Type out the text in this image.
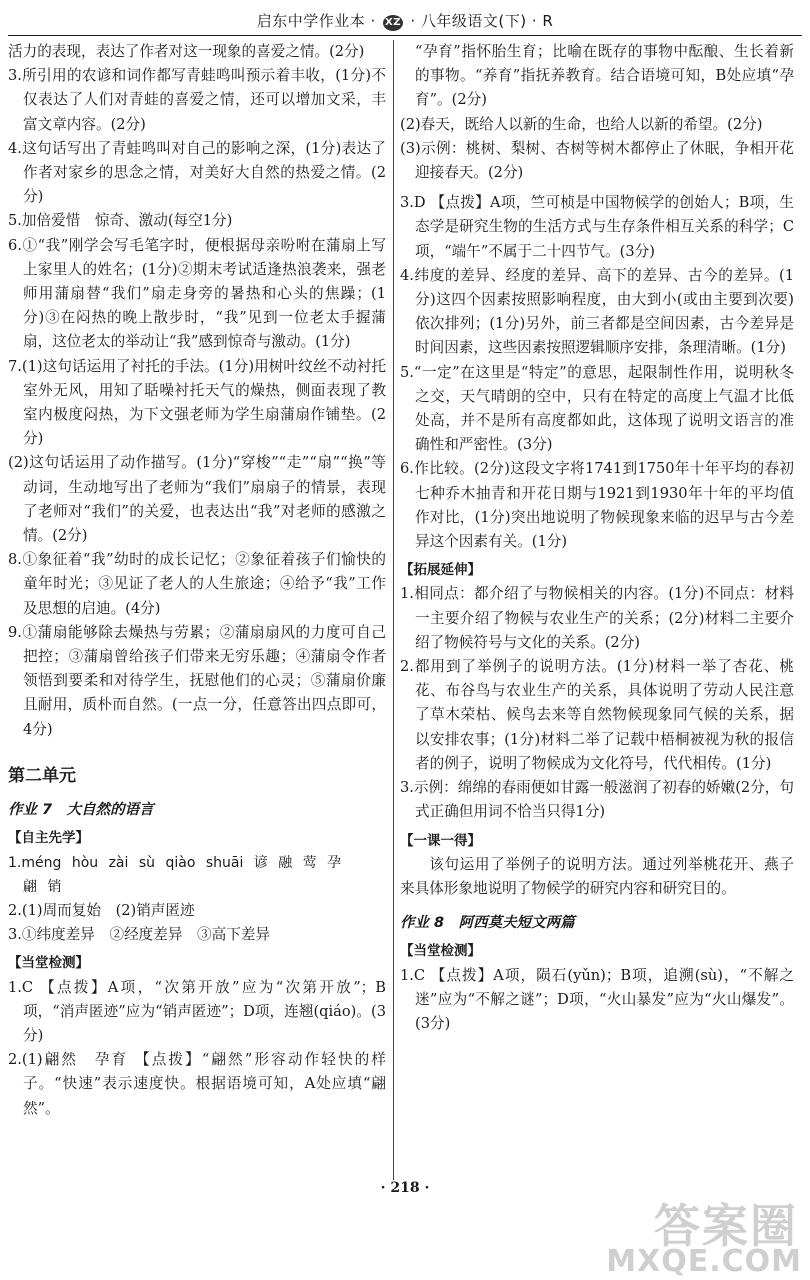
启东中学作业本 · XZ · 八年级语文(下) · R

活力的表现，表达了作者对这一现象的喜爱之情。(2分)

3.所引用的农谚和词作都写青蛙鸣叫预示着丰收，(1分)不仅表达了人们对青蛙的喜爱之情，还可以增加文采，丰富文章内容。(2分)

4.这句话写出了青蛙鸣叫对自己的影响之深，(1分)表达了作者对家乡的思念之情，对美好大自然的热爱之情。(2分)

5.加倍爱惜　惊奇、激动(每空1分)

6.①“我”刚学会写毛笔字时，便根据母亲吩咐在蒲扇上写上家里人的姓名；(1分)②期末考试适逢热浪袭来，强老师用蒲扇替“我们”扇走身旁的暑热和心头的焦躁；(1分)③在闷热的晚上散步时，“我”见到一位老太手握蒲扇，这位老太的举动让“我”感到惊奇与激动。(1分)

7.(1)这句话运用了衬托的手法。(1分)用树叶纹丝不动衬托室外无风，用知了聒噪衬托天气的燥热，侧面表现了教室内极度闷热，为下文强老师为学生扇蒲扇作铺垫。(2分)

(2)这句话运用了动作描写。(1分)“穿梭”“走”“扇”“换”等动词，生动地写出了老师为“我们”扇扇子的情景，表现了老师对“我们”的关爱，也表达出“我”对老师的感激之情。(2分)

8.①象征着“我”幼时的成长记忆；②象征着孩子们愉快的童年时光；③见证了老人的人生旅途；④给予“我”工作及思想的启迪。(4分)

9.①蒲扇能够除去燥热与劳累；②蒲扇扇风的力度可自己把控；③蒲扇曾给孩子们带来无穷乐趣；④蒲扇令作者领悟到要柔和对待学生，抚慰他们的心灵；⑤蒲扇价廉且耐用，质朴而自然。(一点一分，任意答出四点即可，4分)

第二单元
作业 7　大自然的语言

【自主先学】

1.méng hòu zài sù qiào shuāi 谚 融 莺 孕

翩 销

2.(1)周而复始　(2)销声匿迹

3.①纬度差异　②经度差异　③高下差异

【当堂检测】

1.C 【点拨】A项，“次第开放”应为“次第开放”；B项，“消声匿迹”应为“销声匿迹”；D项，连翘(qiáo)。(3分)

2.(1)翩然　孕育 【点拨】“翩然”形容动作轻快的样子。“快速”表示速度快。根据语境可知，A处应填“翩然”。

“孕育”指怀胎生育；比喻在既存的事物中酝酿、生长着新的事物。“养育”指抚养教育。结合语境可知，B处应填“孕育”。(2分)

(2)春天，既给人以新的生命，也给人以新的希望。(2分)

(3)示例：桃树、梨树、杏树等树木都停止了休眠，争相开花迎接春天。(2分)

3.D 【点拨】A项，竺可桢是中国物候学的创始人；B项，生态学是研究生物的生活方式与生存条件相互关系的科学；C项，“端午”不属于二十四节气。(3分)

4.纬度的差异、经度的差异、高下的差异、古今的差异。(1分)这四个因素按照影响程度，由大到小(或由主要到次要)依次排列；(1分)另外，前三者都是空间因素，古今差异是时间因素，这些因素按照逻辑顺序安排，条理清晰。(1分)

5.“一定”在这里是“特定”的意思，起限制性作用，说明秋冬之交，天气晴朗的空中，只有在特定的高度上气温才比低处高，并不是所有高度都如此，这体现了说明文语言的准确性和严密性。(3分)

6.作比较。(2分)这段文字将1741到1750年十年平均的春初七种乔木抽青和开花日期与1921到1930年十年的平均值作对比，(1分)突出地说明了物候现象来临的迟早与古今差异这个因素有关。(1分)

【拓展延伸】

1.相同点：都介绍了与物候相关的内容。(1分)不同点：材料一主要介绍了物候与农业生产的关系；(2分)材料二主要介绍了物候符号与文化的关系。(2分)

2.都用到了举例子的说明方法。(1分)材料一举了杏花、桃花、布谷鸟与农业生产的关系，具体说明了劳动人民注意了草木荣枯、候鸟去来等自然物候现象同气候的关系，据以安排农事；(1分)材料二举了记载中梧桐被视为秋的报信者的例子，说明了物候成为文化符号，代代相传。(1分)

3.示例：绵绵的春雨便如甘露一般滋润了初春的娇嫩(2分，句式正确但用词不恰当只得1分)

【一课一得】

该句运用了举例子的说明方法。通过列举桃花开、燕子来具体形象地说明了物候学的研究内容和研究目的。

作业 8　阿西莫夫短文两篇

【当堂检测】

1.C 【点拨】A项，陨石(yǔn)；B项，追溯(sù)，“不解之迷”应为“不解之谜”；D项，“火山暴发”应为“火山爆发”。(3分)

· 218 ·
答案圈
MXQE.COM
